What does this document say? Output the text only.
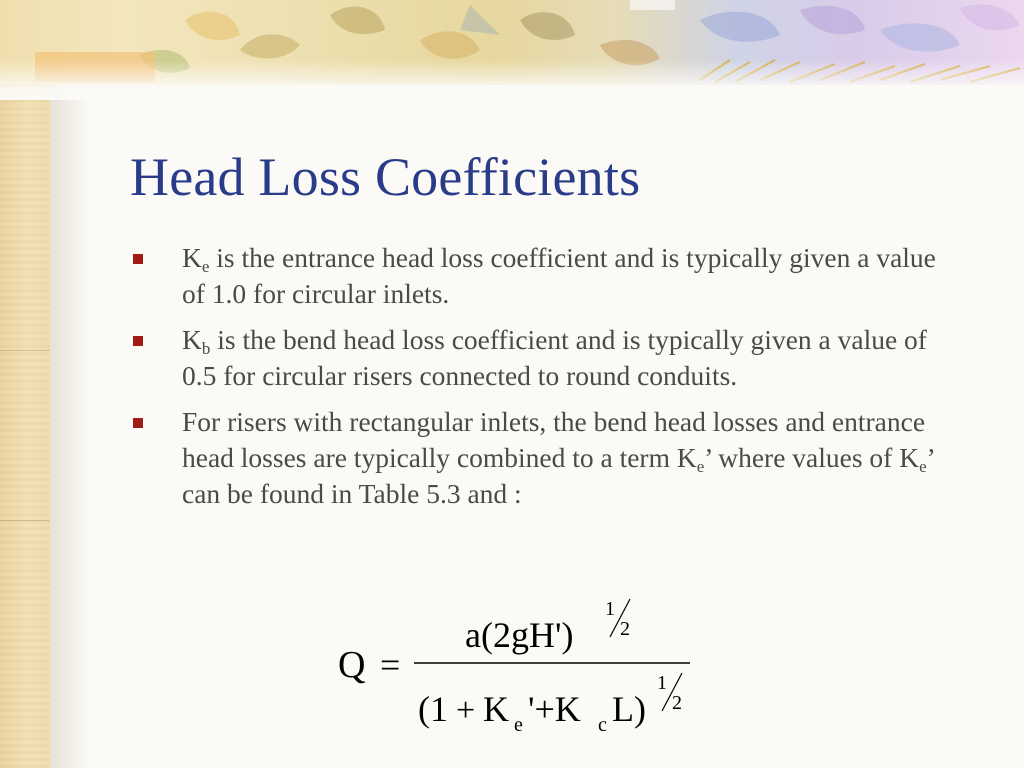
Head Loss Coefficients
$K_e$ is the entrance head loss coefficient and is typically given a value of 1.0 for circular inlets.
$K_b$ is the bend head loss coefficient and is typically given a value of 0.5 for circular risers connected to round conduits.
For risers with rectangular inlets, the bend head losses and entrance head losses are typically combined to a term $K_e$’ where values of $K_e$’ can be found in Table 5.3 and :
Q =
a(2gH')
1
2
(1 + K e '+K c L)
1
2
